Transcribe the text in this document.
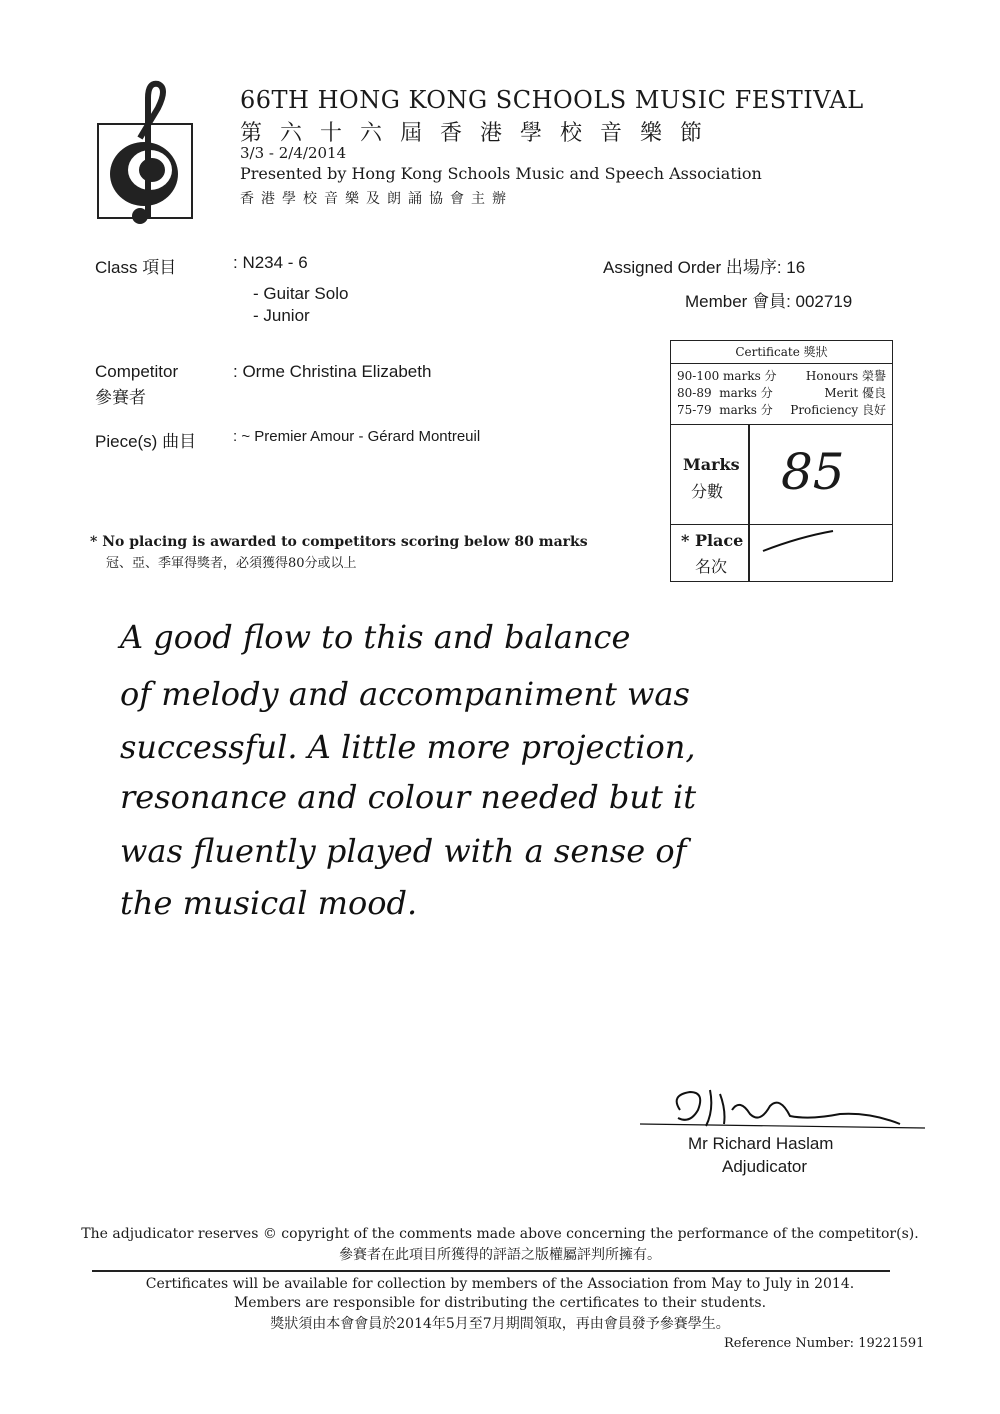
66TH HONG KONG SCHOOLS MUSIC FESTIVAL
第六十六屆香港學校音樂節
3/3 - 2/4/2014
Presented by Hong Kong Schools Music and Speech Association
香港學校音樂及朗誦協會主辦
Class 項目	: N234 - 6
- Guitar Solo
- Junior
Assigned Order 出場序: 16
Member 會員: 002719
Competitor
參賽者
: Orme Christina Elizabeth
Piece(s) 曲目 : ~ Premier Amour - Gérard Montreuil
* No placing is awarded to competitors scoring below 80 marks
冠、亞、季軍得獎者，必須獲得80分或以上
Certificate 獎狀
90-100 marks 分 Honours 榮譽
80-89  marks 分	Merit 優良
75-79  marks 分 Proficiency 良好
Marks
分數 85
* Place
名次
A good flow to this and balance
of melody and accompaniment was
successful. A little more projection,
resonance and colour needed but it
was fluently played with a sense of
the musical mood.
Mr Richard Haslam
Adjudicator
The adjudicator reserves © copyright of the comments made above concerning the performance of the competitor(s).
參賽者在此項目所獲得的評語之版權屬評判所擁有。
Certificates will be available for collection by members of the Association from May to July in 2014.
Members are responsible for distributing the certificates to their students.
獎狀須由本會會員於2014年5月至7月期間領取，再由會員發予參賽學生。
Reference Number: 19221591
